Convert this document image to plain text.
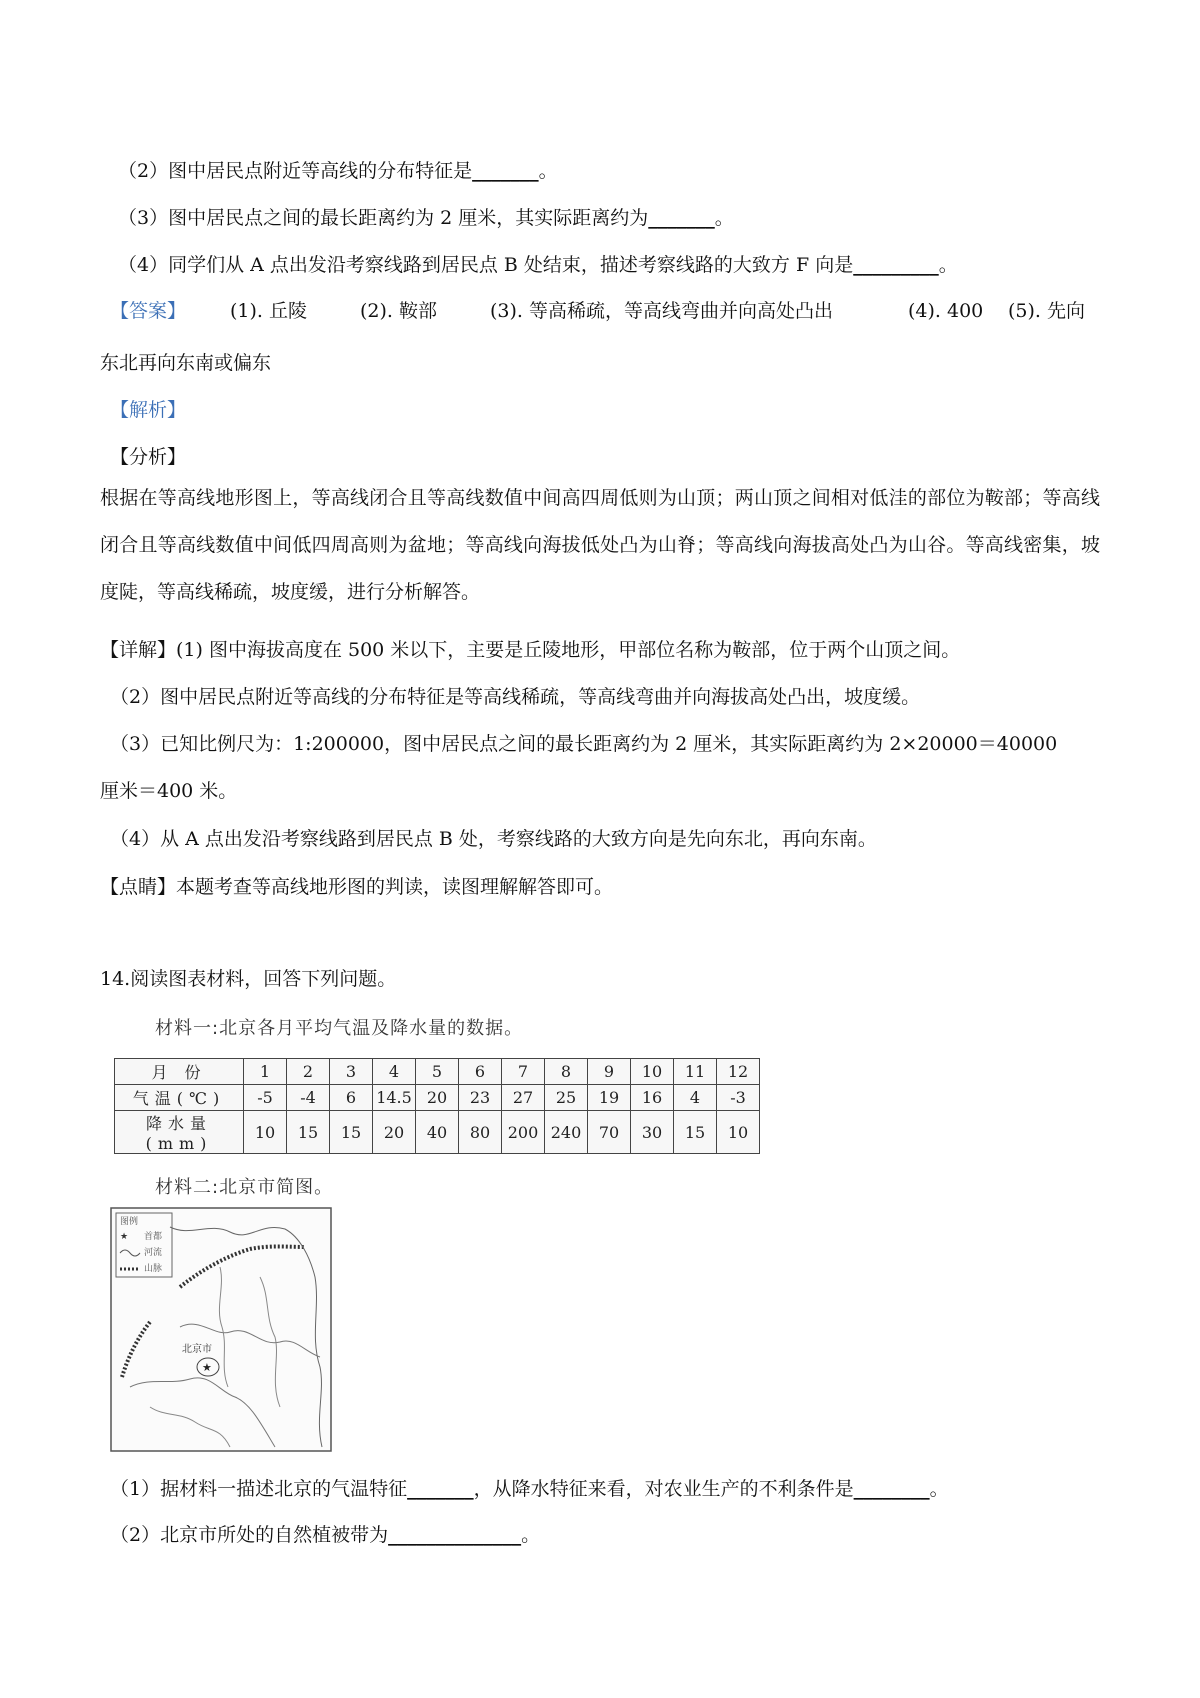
（2）图中居民点附近等高线的分布特征是_______。
（3）图中居民点之间的最长距离约为 2 厘米，其实际距离约为_______。
（4）同学们从 A 点出发沿考察线路到居民点 B 处结束，描述考察线路的大致方 F 向是_________。
【答案】 (1). 丘陵	(2). 鞍部	(3). 等高稀疏，等高线弯曲并向高处凸出	(4). 400 (5). 先向
东北再向东南或偏东
【解析】
【分析】
根据在等高线地形图上，等高线闭合且等高线数值中间高四周低则为山顶；两山顶之间相对低洼的部位为鞍部；等高线闭合且等高线数值中间低四周高则为盆地；等高线向海拔低处凸为山脊；等高线向海拔高处凸为山谷。等高线密集，坡度陡，等高线稀疏，坡度缓，进行分析解答。
【详解】(1) 图中海拔高度在 500 米以下，主要是丘陵地形，甲部位名称为鞍部，位于两个山顶之间。
（2）图中居民点附近等高线的分布特征是等高线稀疏，等高线弯曲并向海拔高处凸出，坡度缓。
（3）已知比例尺为：1:200000，图中居民点之间的最长距离约为 2 厘米，其实际距离约为 2×20000＝40000
厘米＝400 米。
（4）从 A 点出发沿考察线路到居民点 B 处，考察线路的大致方向是先向东北，再向东南。
【点睛】本题考查等高线地形图的判读，读图理解解答即可。
14.阅读图表材料，回答下列问题。
材料一:北京各月平均气温及降水量的数据。
月 份	1	2	3	4	5	6	7	8	9	10	11	12
气温(℃)	-5	-4	6	14.5	20	23	27	25	19	16	4	-3
降水量(mm)	10	15	15	20	40	80	200	240	70	30	15	10
材料二:北京市简图。
图例
★ 首都
河流
山脉
★
北京市
（1）据材料一描述北京的气温特征_______，从降水特征来看，对农业生产的不利条件是________。
（2）北京市所处的自然植被带为______________。
